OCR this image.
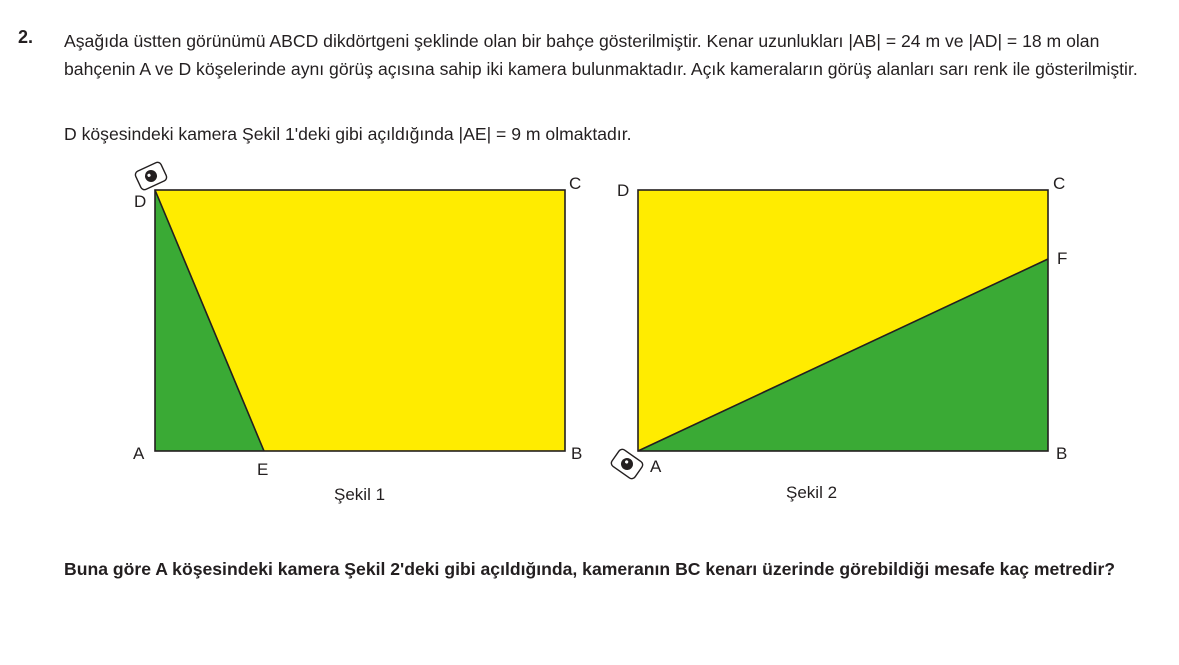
2. Aşağıda üstten görünümü ABCD dikdörtgeni şeklinde olan bir bahçe gösterilmiştir. Kenar uzunlukları |AB| = 24 m ve |AD| = 18 m olan bahçenin A ve D köşelerinde aynı görüş açısına sahip iki kamera bulunmaktadır. Açık kameraların görüş alanları sarı renk ile gösterilmiştir.

D köşesindeki kamera Şekil 1'deki gibi açıldığında |AE| = 9 m olmaktadır.

D
C
A	B
E
Şekil 1
D	C
F
A
B
Şekil 2

Buna göre A köşesindeki kamera Şekil 2'deki gibi açıldığında, kameranın BC kenarı üzerinde görebildiği mesafe kaç metredir?
